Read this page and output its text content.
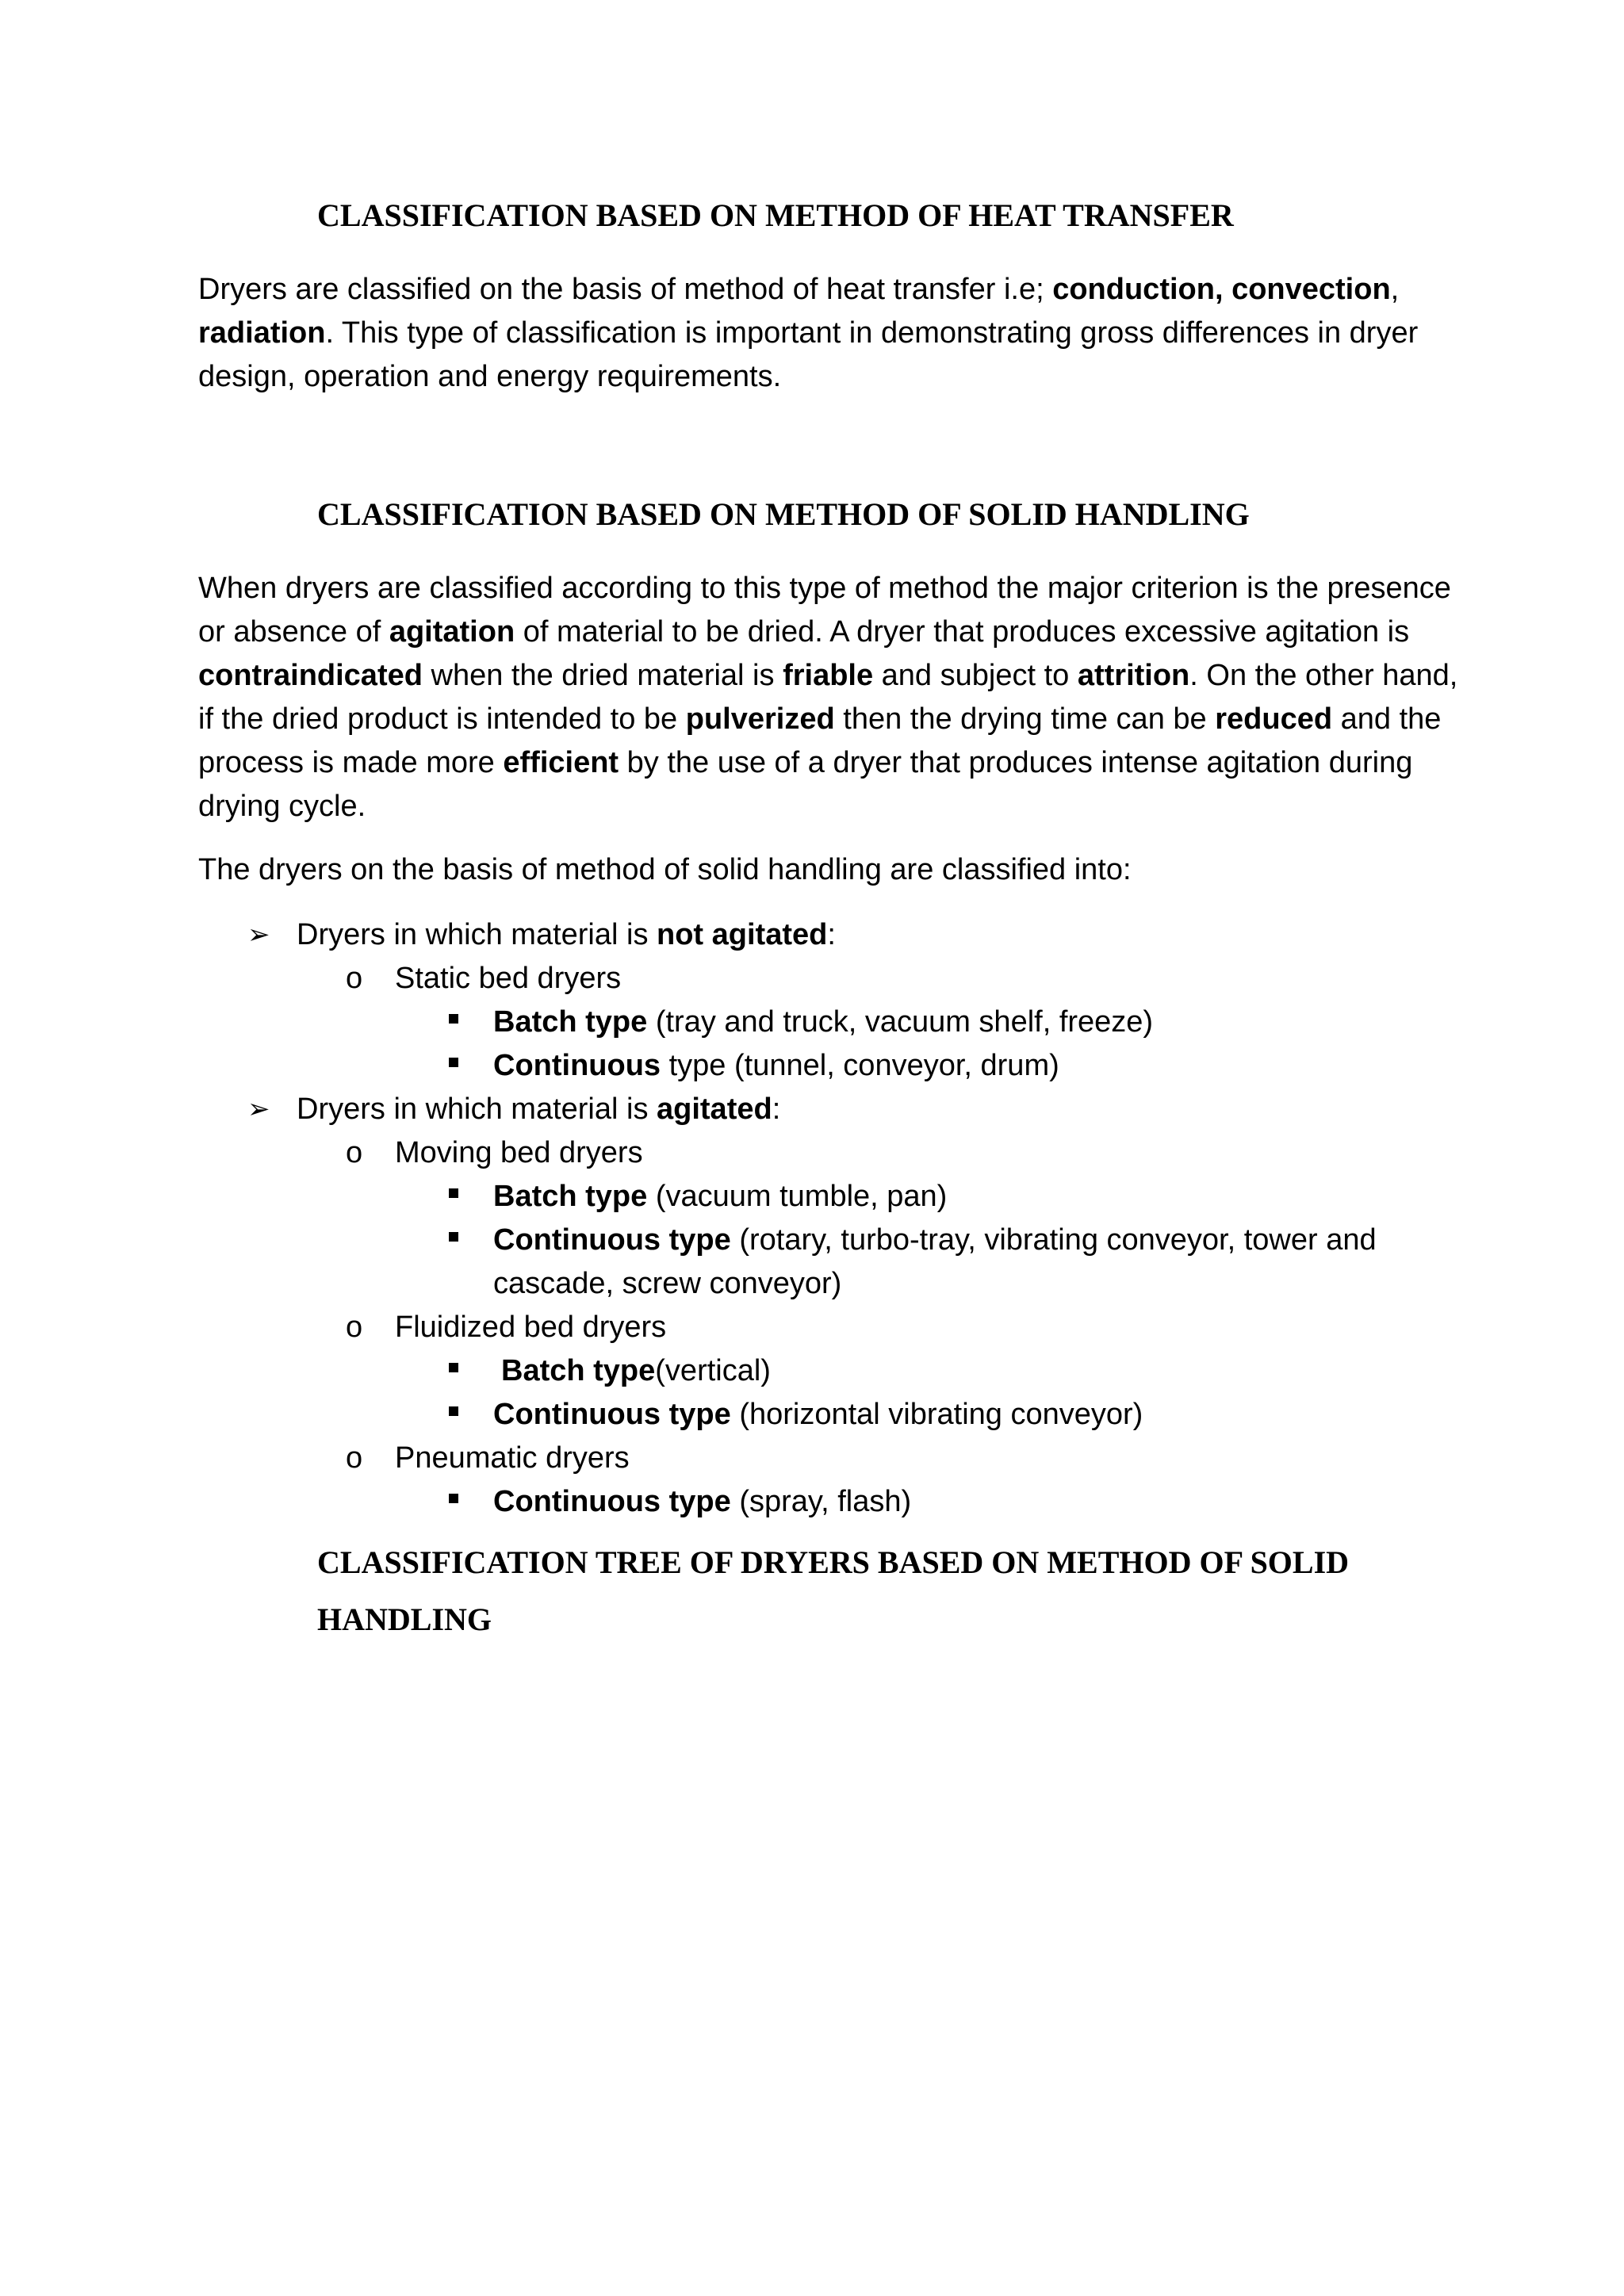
CLASSIFICATION BASED ON METHOD OF HEAT TRANSFER

Dryers are classified on the basis of method of heat transfer i.e; conduction, convection, radiation. This type of classification is important in demonstrating gross differences in dryer design, operation and energy requirements.

CLASSIFICATION BASED ON METHOD OF SOLID HANDLING

When dryers are classified according to this type of method the major criterion is the presence or absence of agitation of material to be dried. A dryer that produces excessive agitation is contraindicated when the dried material is friable and subject to attrition. On the other hand, if the dried product is intended to be pulverized then the drying time can be reduced and the process is made more efficient by the use of a dryer that produces intense agitation during drying cycle.

The dryers on the basis of method of solid handling are classified into:

➢ Dryers in which material is not agitated:
o Static bed dryers
Batch type (tray and truck, vacuum shelf, freeze)
Continuous type (tunnel, conveyor, drum)
➢ Dryers in which material is agitated:
o Moving bed dryers
Batch type (vacuum tumble, pan)
Continuous type (rotary, turbo-tray, vibrating conveyor, tower and
cascade, screw conveyor)
o Fluidized bed dryers
Batch type(vertical)
Continuous type (horizontal vibrating conveyor)
o Pneumatic dryers
Continuous type (spray, flash)
CLASSIFICATION TREE OF DRYERS BASED ON METHOD OF SOLID HANDLING
